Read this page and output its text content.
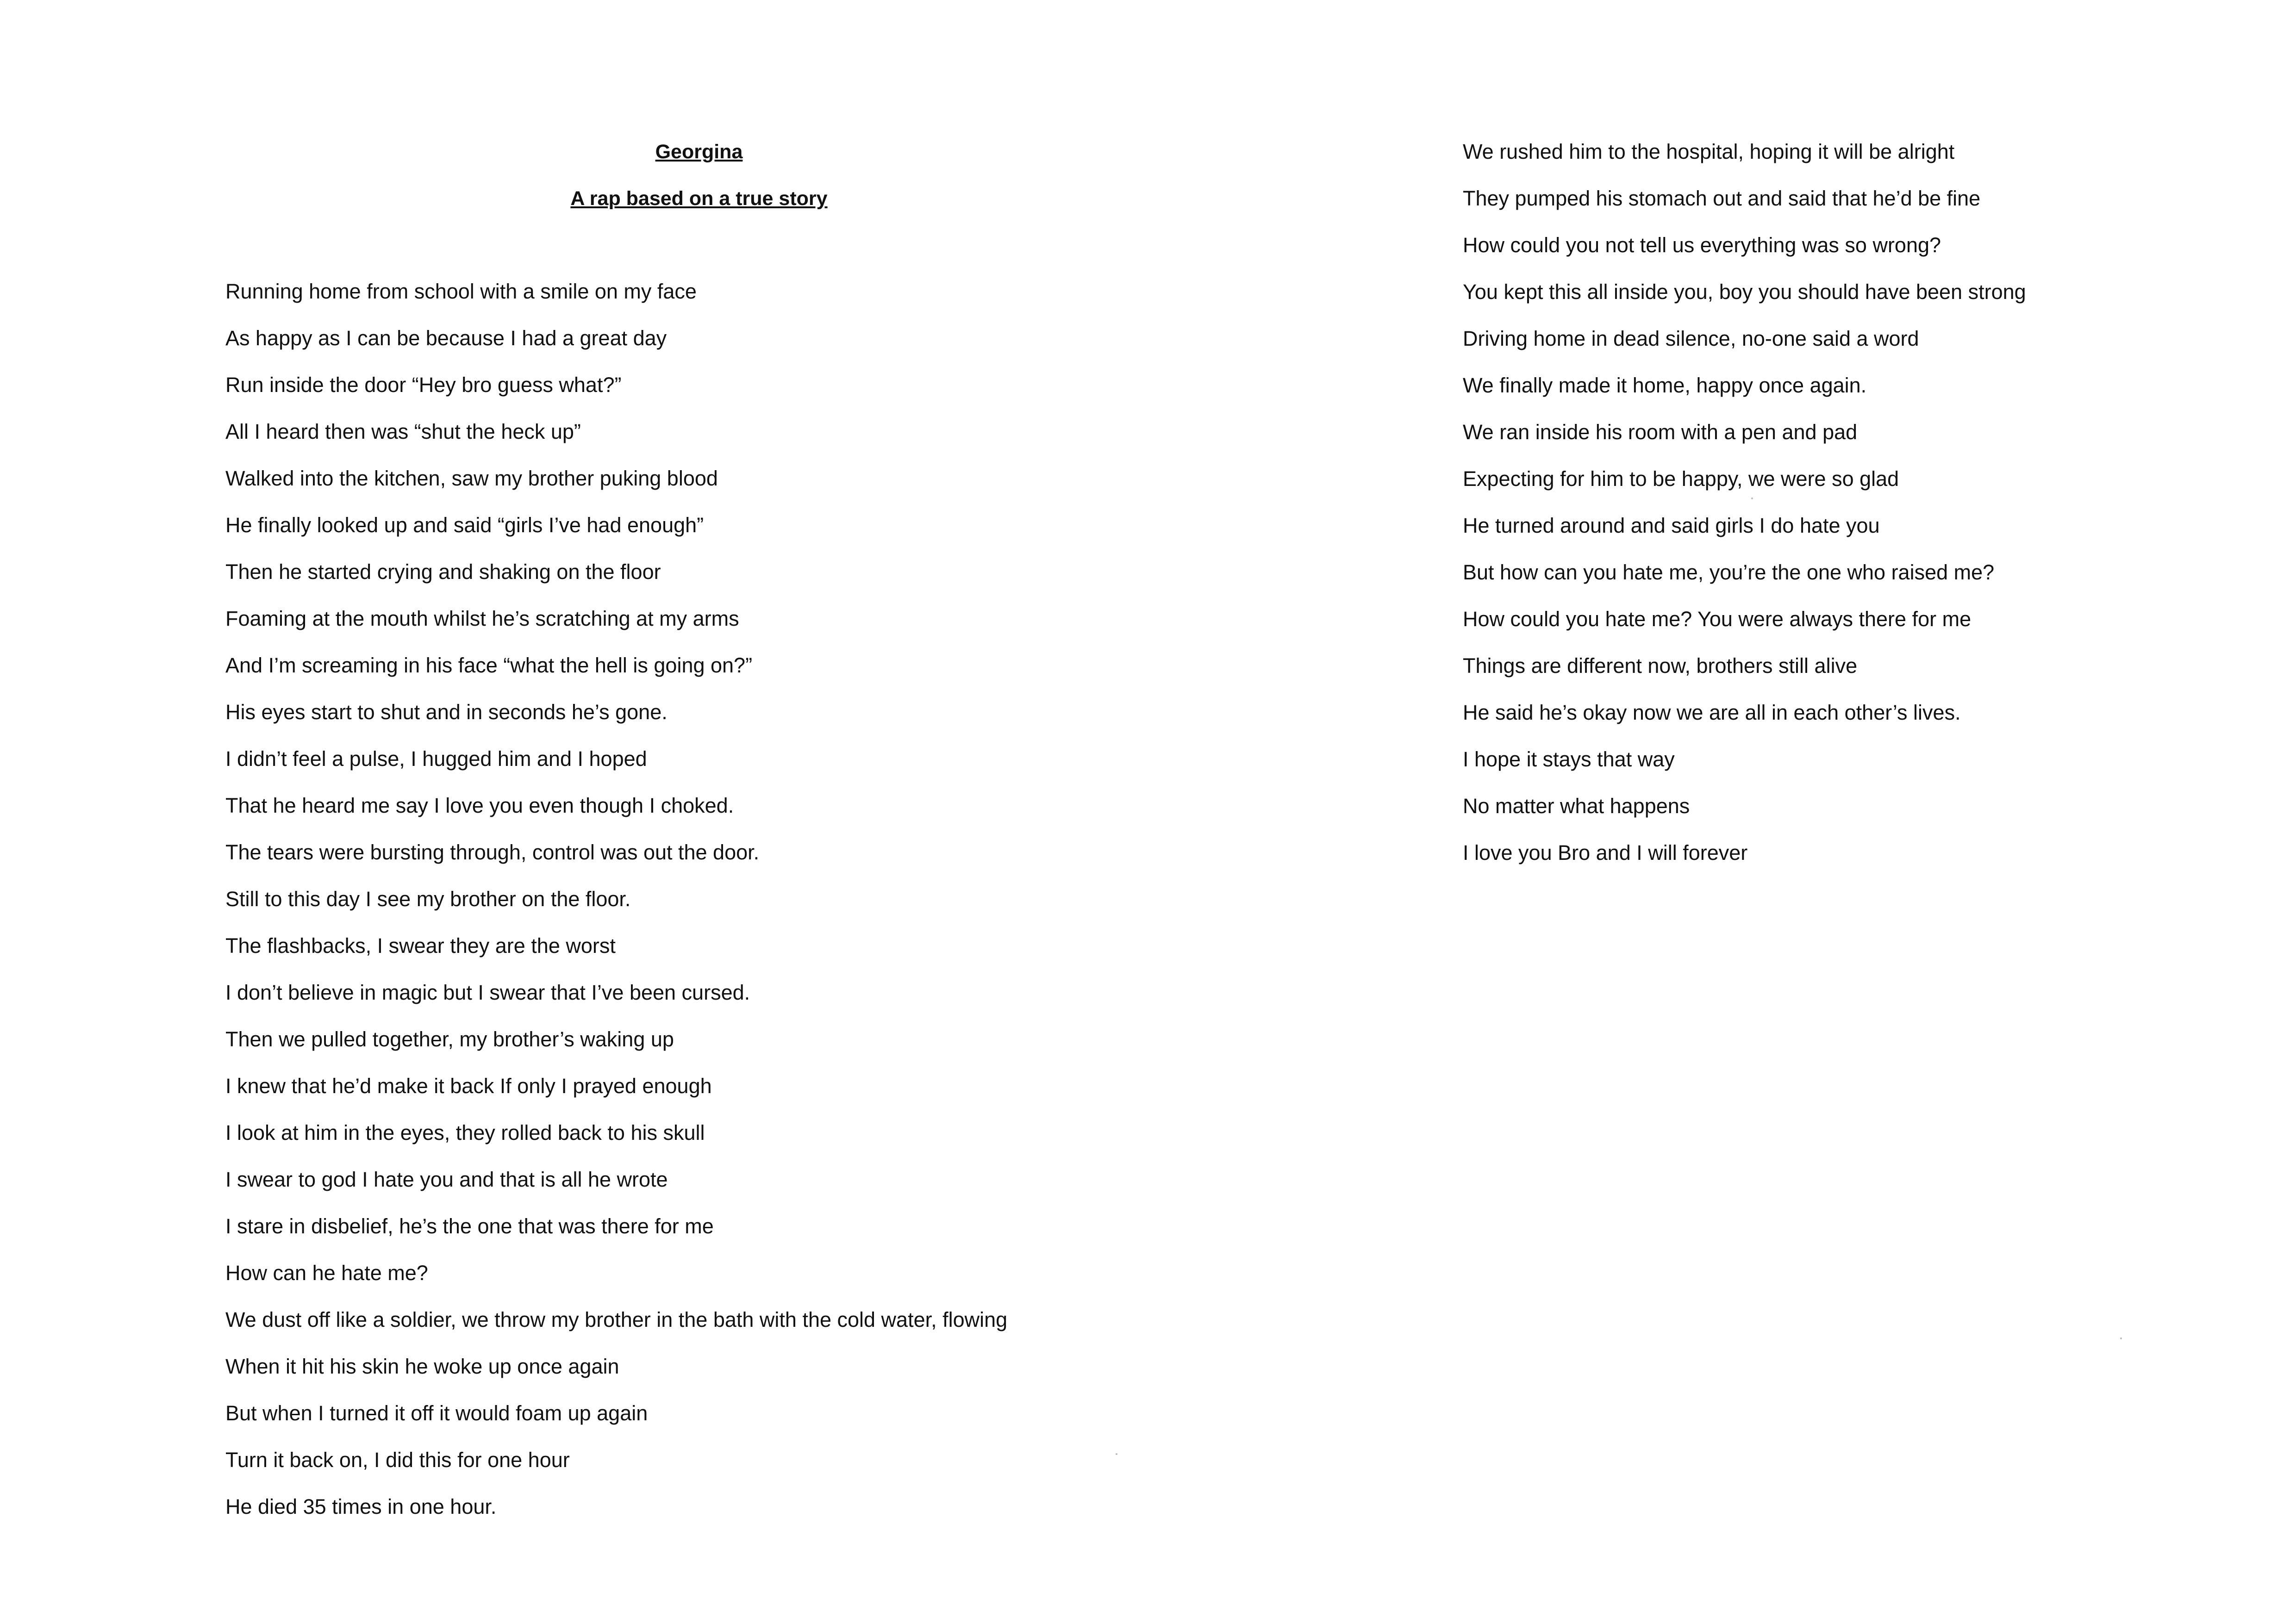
Georgina
A rap based on a true story
Running home from school with a smile on my face
As happy as I can be because I had a great day
Run inside the door “Hey bro guess what?”
All I heard then was “shut the heck up”
Walked into the kitchen, saw my brother puking blood
He finally looked up and said “girls I’ve had enough”
Then he started crying and shaking on the floor
Foaming at the mouth whilst he’s scratching at my arms
And I’m screaming in his face “what the hell is going on?”
His eyes start to shut and in seconds he’s gone.
I didn’t feel a pulse, I hugged him and I hoped
That he heard me say I love you even though I choked.
The tears were bursting through, control was out the door.
Still to this day I see my brother on the floor.
The flashbacks, I swear they are the worst
I don’t believe in magic but I swear that I’ve been cursed.
Then we pulled together, my brother’s waking up
I knew that he’d make it back If only I prayed enough
I look at him in the eyes, they rolled back to his skull
I swear to god I hate you and that is all he wrote
I stare in disbelief, he’s the one that was there for me
How can he hate me?
We dust off like a soldier, we throw my brother in the bath with the cold water, flowing
When it hit his skin he woke up once again
But when I turned it off it would foam up again
Turn it back on, I did this for one hour
He died 35 times in one hour.
We rushed him to the hospital, hoping it will be alright
They pumped his stomach out and said that he’d be fine
How could you not tell us everything was so wrong?
You kept this all inside you, boy you should have been strong
Driving home in dead silence, no-one said a word
We finally made it home, happy once again.
We ran inside his room with a pen and pad
Expecting for him to be happy, we were so glad
He turned around and said girls I do hate you
But how can you hate me, you’re the one who raised me?
How could you hate me? You were always there for me
Things are different now, brothers still alive
He said he’s okay now we are all in each other’s lives.
I hope it stays that way
No matter what happens
I love you Bro and I will forever
